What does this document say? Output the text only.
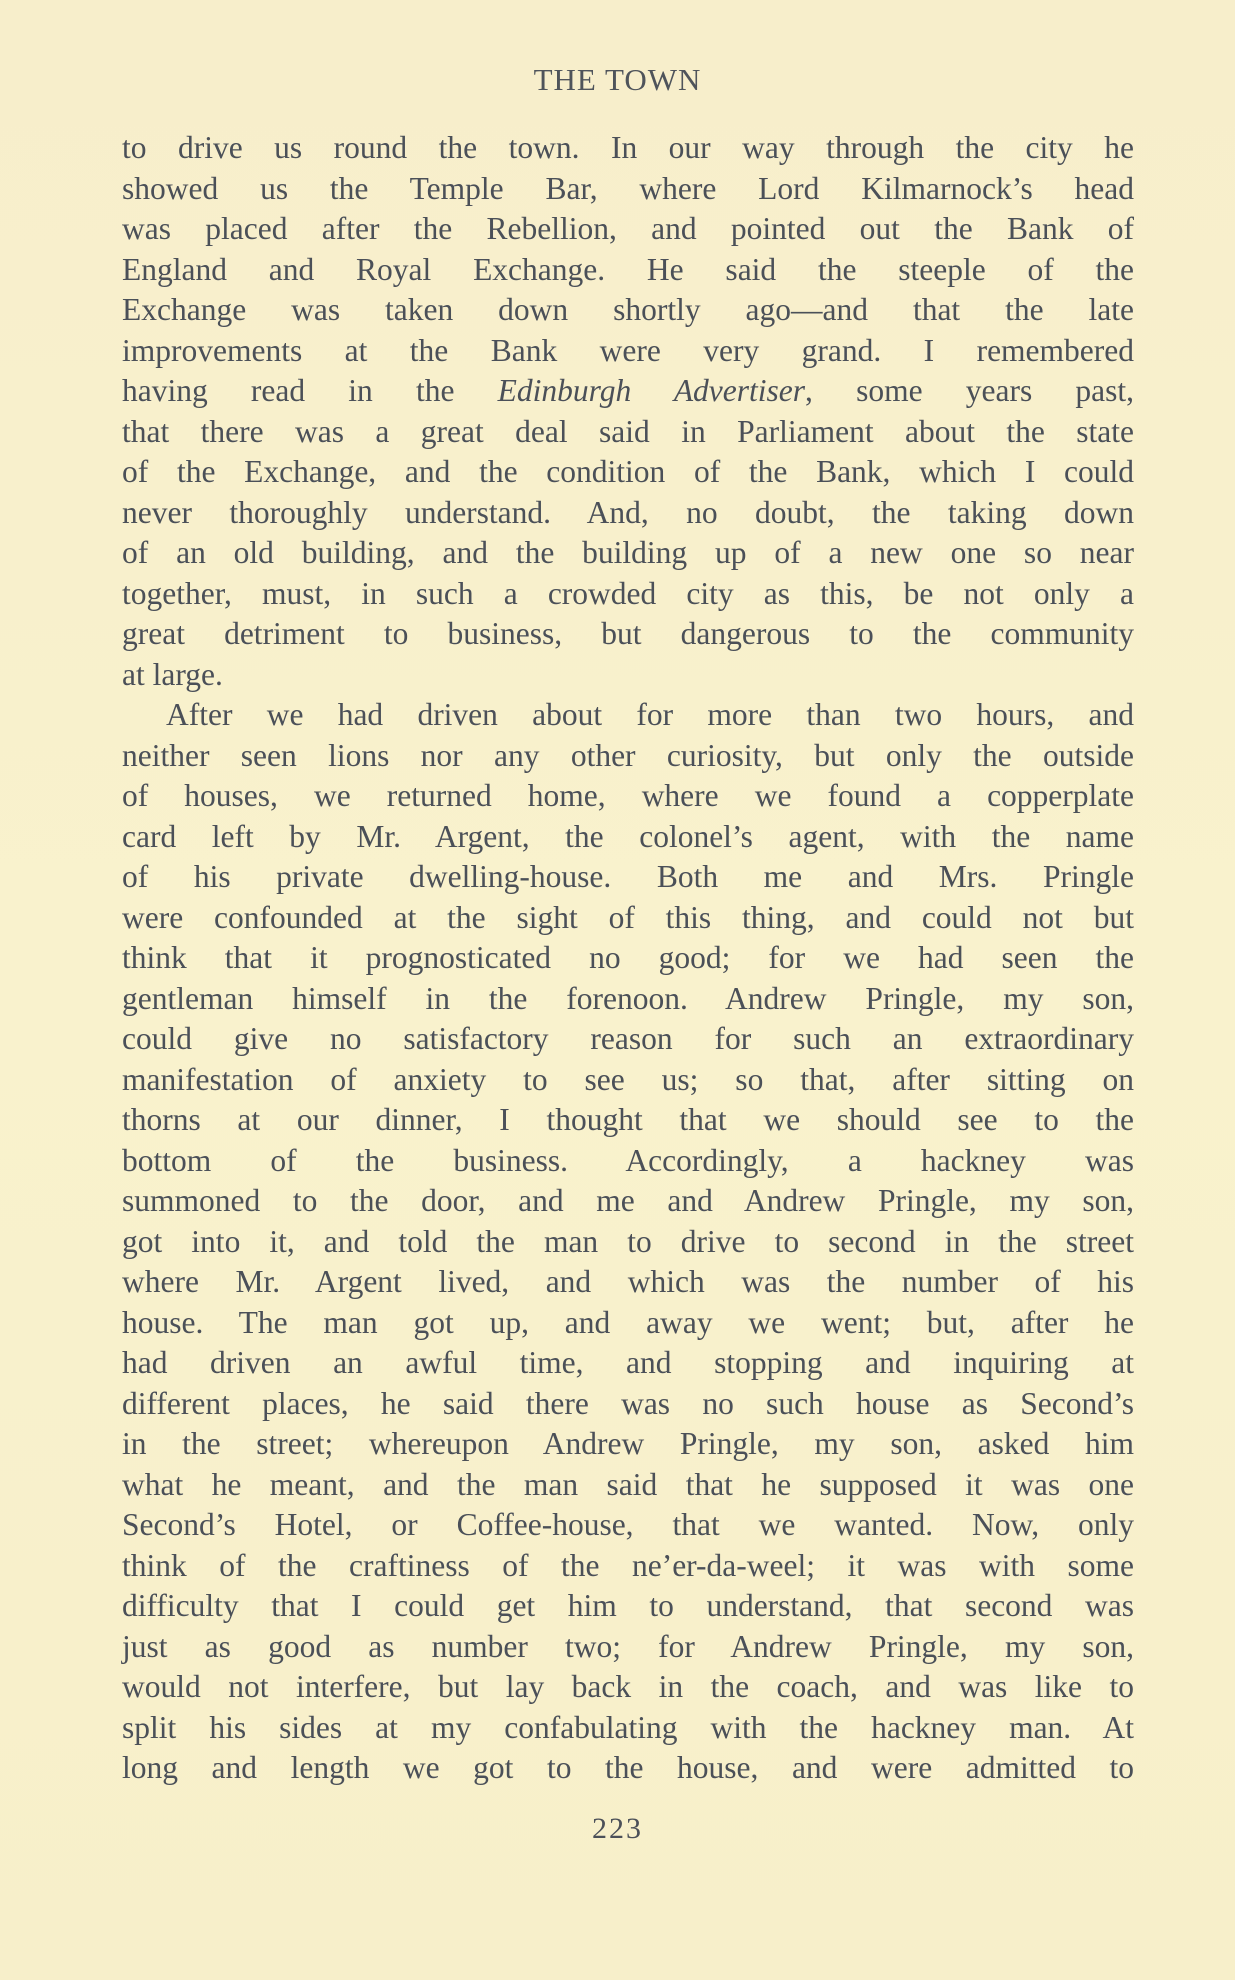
THE TOWN
to drive us round the town. In our way through the city he
showed us the Temple Bar, where Lord Kilmarnock’s head
was placed after the Rebellion, and pointed out the Bank of
England and Royal Exchange. He said the steeple of the
Exchange was taken down shortly ago—and that the late
improvements at the Bank were very grand. I remembered
having read in the Edinburgh Advertiser, some years past,
that there was a great deal said in Parliament about the state
of the Exchange, and the condition of the Bank, which I could
never thoroughly understand. And, no doubt, the taking down
of an old building, and the building up of a new one so near
together, must, in such a crowded city as this, be not only a
great detriment to business, but dangerous to the community
at large.
After we had driven about for more than two hours, and
neither seen lions nor any other curiosity, but only the outside
of houses, we returned home, where we found a copperplate
card left by Mr. Argent, the colonel’s agent, with the name
of his private dwelling-house. Both me and Mrs. Pringle
were confounded at the sight of this thing, and could not but
think that it prognosticated no good; for we had seen the
gentleman himself in the forenoon. Andrew Pringle, my son,
could give no satisfactory reason for such an extraordinary
manifestation of anxiety to see us; so that, after sitting on
thorns at our dinner, I thought that we should see to the
bottom of the business. Accordingly, a hackney was
summoned to the door, and me and Andrew Pringle, my son,
got into it, and told the man to drive to second in the street
where Mr. Argent lived, and which was the number of his
house. The man got up, and away we went; but, after he
had driven an awful time, and stopping and inquiring at
different places, he said there was no such house as Second’s
in the street; whereupon Andrew Pringle, my son, asked him
what he meant, and the man said that he supposed it was one
Second’s Hotel, or Coffee-house, that we wanted. Now, only
think of the craftiness of the ne’er-da-weel; it was with some
difficulty that I could get him to understand, that second was
just as good as number two; for Andrew Pringle, my son,
would not interfere, but lay back in the coach, and was like to
split his sides at my confabulating with the hackney man. At
long and length we got to the house, and were admitted to
223
